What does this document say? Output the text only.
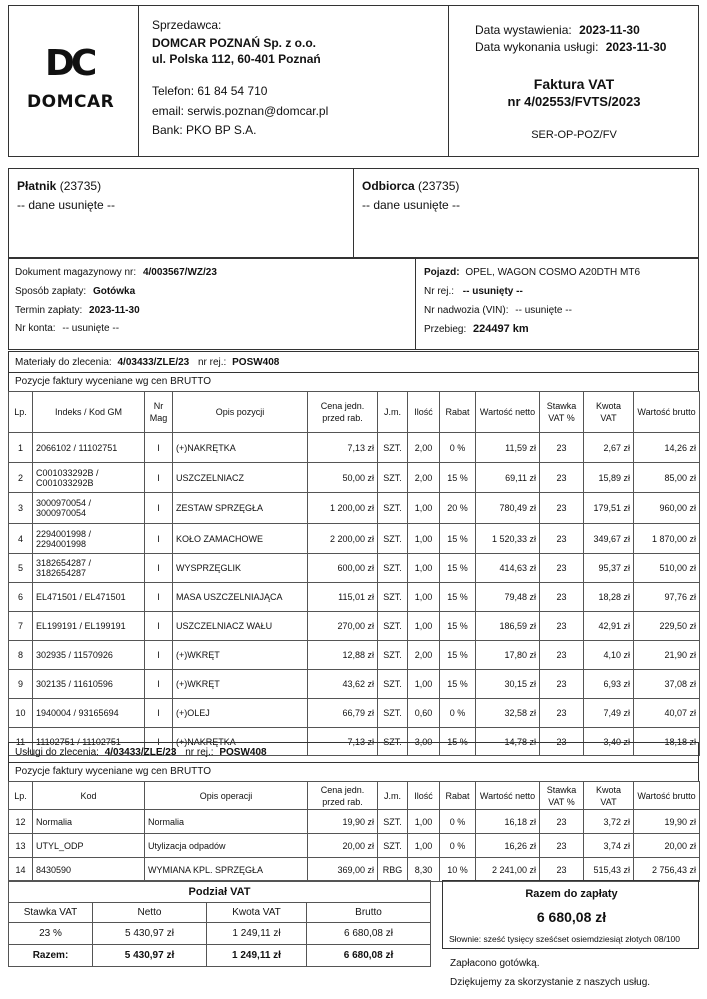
DC
DOMCAR
Sprzedawca:
DOMCAR POZNAŃ Sp. z o.o.
ul. Polska 112, 60-401 Poznań
Telefon: 61 84 54 710
email: serwis.poznan@domcar.pl
Bank: PKO BP S.A.
Data wystawienia: 2023-11-30
Data wykonania usługi: 2023-11-30
Faktura VAT
nr 4/02553/FVTS/2023
SER-OP-POZ/FV
Płatnik (23735)
-- dane usunięte --
Odbiorca (23735)
-- dane usunięte --
Dokument magazynowy nr: 4/003567/WZ/23
Sposób zapłaty: Gotówka
Termin zapłaty: 2023-11-30
Nr konta: -- usunięte --
Pojazd: OPEL, WAGON COSMO A20DTH MT6
Nr rej.: -- usunięty --
Nr nadwozia (VIN): -- usunięte --
Przebieg: 224497 km
Materiały do zlecenia: 4/03433/ZLE/23 nr rej.: POSW408
Pozycje faktury wyceniane wg cen BRUTTO
Lp.	Indeks / Kod GM	Nr Mag	Opis pozycji	Cena jedn. przed rab.	J.m.	Ilość	Rabat	Wartość netto	Stawka VAT %	Kwota VAT	Wartość brutto
1	2066102 / 11102751	I	(+)NAKRĘTKA	7,13 zł	SZT.	2,00	0 %	11,59 zł	23	2,67 zł	14,26 zł
2	C001033292B / C001033292B	I	USZCZELNIACZ	50,00 zł	SZT.	2,00	15 %	69,11 zł	23	15,89 zł	85,00 zł
3	3000970054 / 3000970054	I	ZESTAW SPRZĘGŁA	1 200,00 zł	SZT.	1,00	20 %	780,49 zł	23	179,51 zł	960,00 zł
4	2294001998 / 2294001998	I	KOŁO ZAMACHOWE	2 200,00 zł	SZT.	1,00	15 %	1 520,33 zł	23	349,67 zł	1 870,00 zł
5	3182654287 / 3182654287	I	WYSPRZĘGLIK	600,00 zł	SZT.	1,00	15 %	414,63 zł	23	95,37 zł	510,00 zł
6	EL471501 / EL471501	I	MASA USZCZELNIAJĄCA	115,01 zł	SZT.	1,00	15 %	79,48 zł	23	18,28 zł	97,76 zł
7	EL199191 / EL199191	I	USZCZELNIACZ WAŁU	270,00 zł	SZT.	1,00	15 %	186,59 zł	23	42,91 zł	229,50 zł
8	302935 / 11570926	I	(+)WKRĘT	12,88 zł	SZT.	2,00	15 %	17,80 zł	23	4,10 zł	21,90 zł
9	302135 / 11610596	I	(+)WKRĘT	43,62 zł	SZT.	1,00	15 %	30,15 zł	23	6,93 zł	37,08 zł
10	1940004 / 93165694	I	(+)OLEJ	66,79 zł	SZT.	0,60	0 %	32,58 zł	23	7,49 zł	40,07 zł
11	11102751 / 11102751	I	(+)NAKRĘTKA	7,13 zł	SZT.	3,00	15 %	14,78 zł	23	3,40 zł	18,18 zł
Usługi do zlecenia: 4/03433/ZLE/23 nr rej.: POSW408
Pozycje faktury wyceniane wg cen BRUTTO
Lp.	Kod	Opis operacji	Cena jedn. przed rab.	J.m.	Ilość	Rabat	Wartość netto	Stawka VAT %	Kwota VAT	Wartość brutto
12	Normalia	Normalia	19,90 zł	SZT.	1,00	0 %	16,18 zł	23	3,72 zł	19,90 zł
13	UTYL_ODP	Utylizacja odpadów	20,00 zł	SZT.	1,00	0 %	16,26 zł	23	3,74 zł	20,00 zł
14	8430590	WYMIANA KPL. SPRZĘGŁA	369,00 zł	RBG	8,30	10 %	2 241,00 zł	23	515,43 zł	2 756,43 zł
Podział VAT			
Stawka VAT	Netto	Kwota VAT	Brutto
23 %	5 430,97 zł	1 249,11 zł	6 680,08 zł
Razem:	5 430,97 zł	1 249,11 zł	6 680,08 zł
Razem do zapłaty
6 680,08 zł
Słownie: sześć tysięcy sześćset osiemdziesiąt złotych 08/100
Zapłacono gotówką.
Dziękujemy za skorzystanie z naszych usług.
